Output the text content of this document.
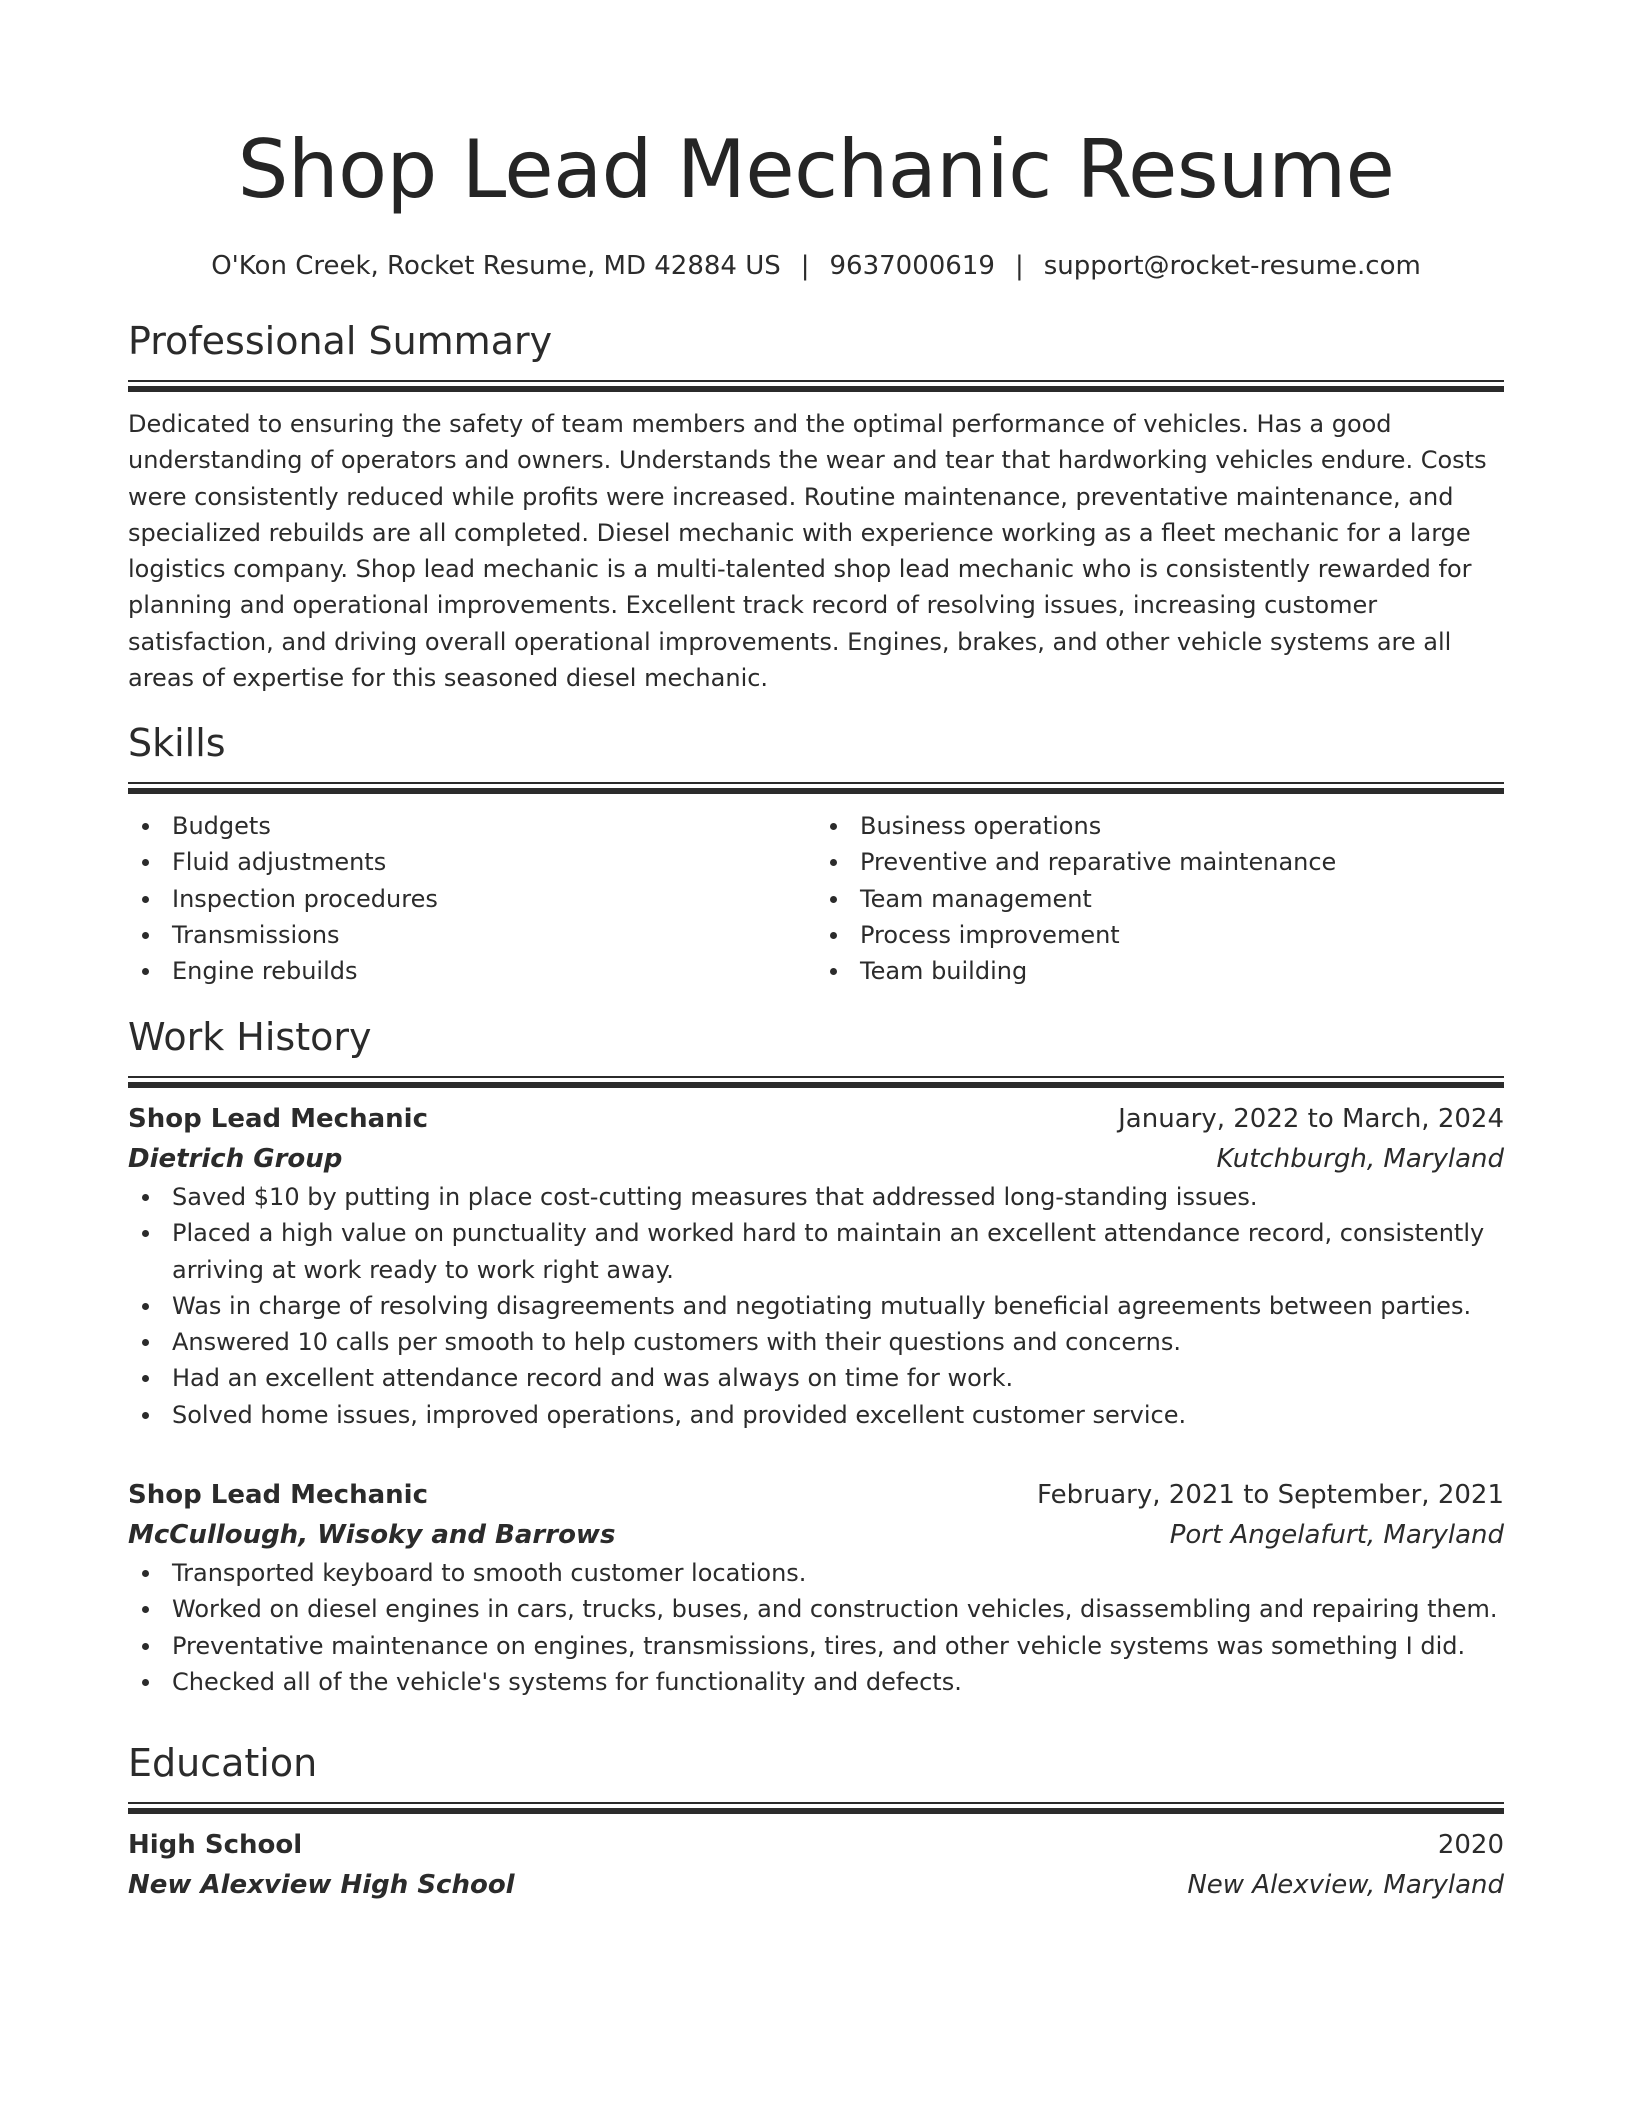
Shop Lead Mechanic Resume
O'Kon Creek, Rocket Resume, MD 42884 US | 9637000619 | support@rocket-resume.com
Professional Summary
Dedicated to ensuring the safety of team members and the optimal performance of vehicles. Has a good understanding of operators and owners. Understands the wear and tear that hardworking vehicles endure. Costs were consistently reduced while profits were increased. Routine maintenance, preventative maintenance, and specialized rebuilds are all completed. Diesel mechanic with experience working as a fleet mechanic for a large logistics company. Shop lead mechanic is a multi-talented shop lead mechanic who is consistently rewarded for planning and operational improvements. Excellent track record of resolving issues, increasing customer satisfaction, and driving overall operational improvements. Engines, brakes, and other vehicle systems are all areas of expertise for this seasoned diesel mechanic.
Skills
Budgets
Fluid adjustments
Inspection procedures
Transmissions
Engine rebuilds
Business operations
Preventive and reparative maintenance
Team management
Process improvement
Team building
Work History
Shop Lead Mechanic	January, 2022 to March, 2024
Dietrich Group	Kutchburgh, Maryland
Saved $10 by putting in place cost-cutting measures that addressed long-standing issues.
Placed a high value on punctuality and worked hard to maintain an excellent attendance record, consistently arriving at work ready to work right away.
Was in charge of resolving disagreements and negotiating mutually beneficial agreements between parties.
Answered 10 calls per smooth to help customers with their questions and concerns.
Had an excellent attendance record and was always on time for work.
Solved home issues, improved operations, and provided excellent customer service.
Shop Lead Mechanic	February, 2021 to September, 2021
McCullough, Wisoky and Barrows	Port Angelafurt, Maryland
Transported keyboard to smooth customer locations.
Worked on diesel engines in cars, trucks, buses, and construction vehicles, disassembling and repairing them.
Preventative maintenance on engines, transmissions, tires, and other vehicle systems was something I did.
Checked all of the vehicle's systems for functionality and defects.
Education
High School	2020
New Alexview High School	New Alexview, Maryland
